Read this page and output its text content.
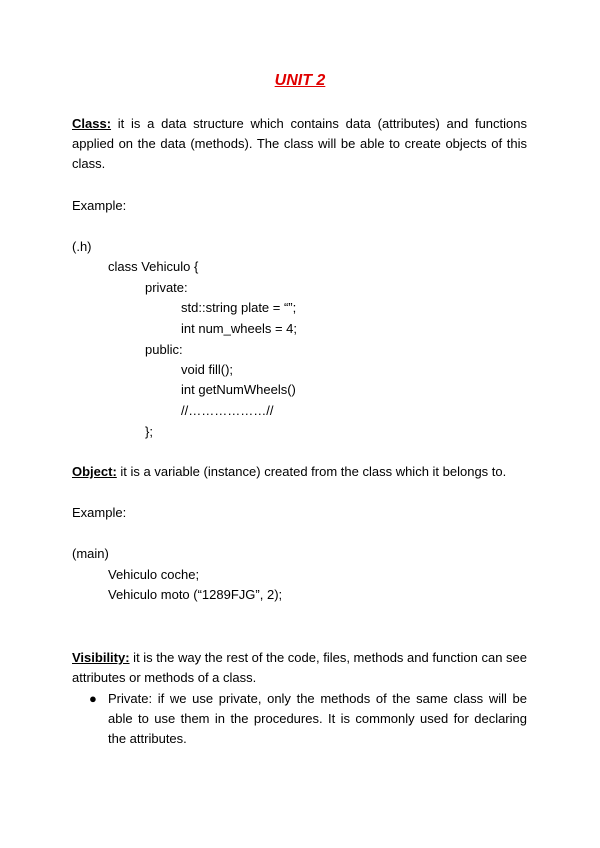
UNIT 2
Class: it is a data structure which contains data (attributes) and functions applied on the data (methods). The class will be able to create objects of this class.
Example:
(.h)
class Vehiculo {
private:
std::string plate = “”;
int num_wheels = 4;
public:
void fill();
int getNumWheels()
//………………//
};
Object: it is a variable (instance) created from the class which it belongs to.
Example:
(main)
Vehiculo coche;
Vehiculo moto (“1289FJG”, 2);
Visibility: it is the way the rest of the code, files, methods and function can see attributes or methods of a class.
● Private: if we use private, only the methods of the same class will be able to use them in the procedures. It is commonly used for declaring the attributes.
